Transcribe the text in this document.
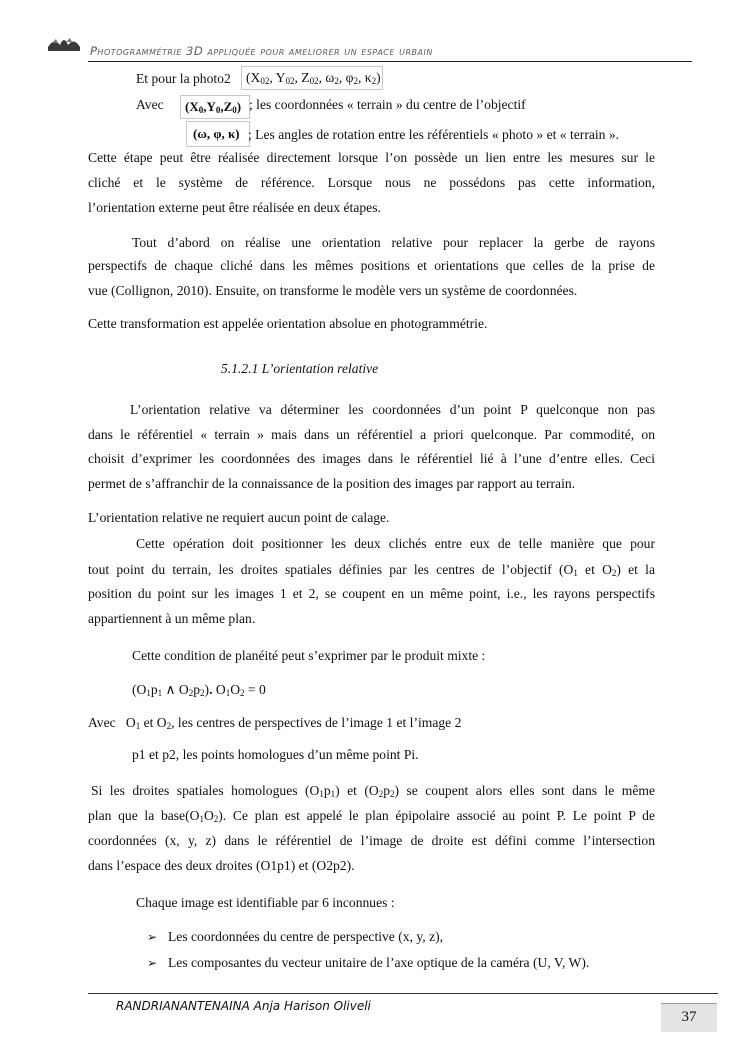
Photogrammétrie 3D appliquée pour ameliorer un espace urbain
Et pour la photo2	($X_{02}$, $Y_{02}$, $Z_{02}$, $\omega_2$, $\varphi_2$, $\kappa_2$)
Avec	$(X_0,Y_0,Z_0)$ ; les coordonnées « terrain » du centre de l’objectif
(ω, φ, κ) ; Les angles de rotation entre les référentiels « photo » et « terrain ».
Cette étape peut être réalisée directement lorsque l’on possède un lien entre les mesures sur le
cliché et le système de référence. Lorsque nous ne possédons pas cette information,
l’orientation externe peut être réalisée en deux étapes.
Tout d’abord on réalise une orientation relative pour replacer la gerbe de rayons
perspectifs de chaque cliché dans les mêmes positions et orientations que celles de la prise de
vue (Collignon, 2010). Ensuite, on transforme le modèle vers un système de coordonnées.
Cette transformation est appelée orientation absolue en photogrammétrie.
5.1.2.1 L’orientation relative
L’orientation relative va déterminer les coordonnées d’un point P quelconque non pas
dans le référentiel « terrain » mais dans un référentiel a priori quelconque. Par commodité, on
choisit d’exprimer les coordonnées des images dans le référentiel lié à l’une d’entre elles. Ceci
permet de s’affranchir de la connaissance de la position des images par rapport au terrain.
L’orientation relative ne requiert aucun point de calage.
Cette opération doit positionner les deux clichés entre eux de telle manière que pour
tout point du terrain, les droites spatiales définies par les centres de l’objectif ($O_1$ et $O_2$) et la
position du point sur les images 1 et 2, se coupent en un même point, i.e., les rayons perspectifs
appartiennent à un même plan.
Cette condition de planéité peut s’exprimer par le produit mixte :
($O_1p_1$ ∧ $O_2p_2$). $O_1O_2 = 0$
Avec   $O_1$ et $O_2$, les centres de perspectives de l’image 1 et l’image 2
p1 et p2, les points homologues d’un même point Pi.
Si les droites spatiales homologues $(O_1p_1)$ et $(O_2p_2)$ se coupent alors elles sont dans le même
plan que la $base(O_1O_2)$. Ce plan est appelé le plan épipolaire associé au point P. Le point P de
coordonnées (x, y, z) dans le référentiel de l’image de droite est défini comme l’intersection
dans l’espace des deux droites (O1p1) et (O2p2).
Chaque image est identifiable par 6 inconnues :
➢ Les coordonnées du centre de perspective (x, y, z),
➢ Les composantes du vecteur unitaire de l’axe optique de la caméra (U, V, W).
RANDRIANANTENAINA Anja Harison Oliveli
37
